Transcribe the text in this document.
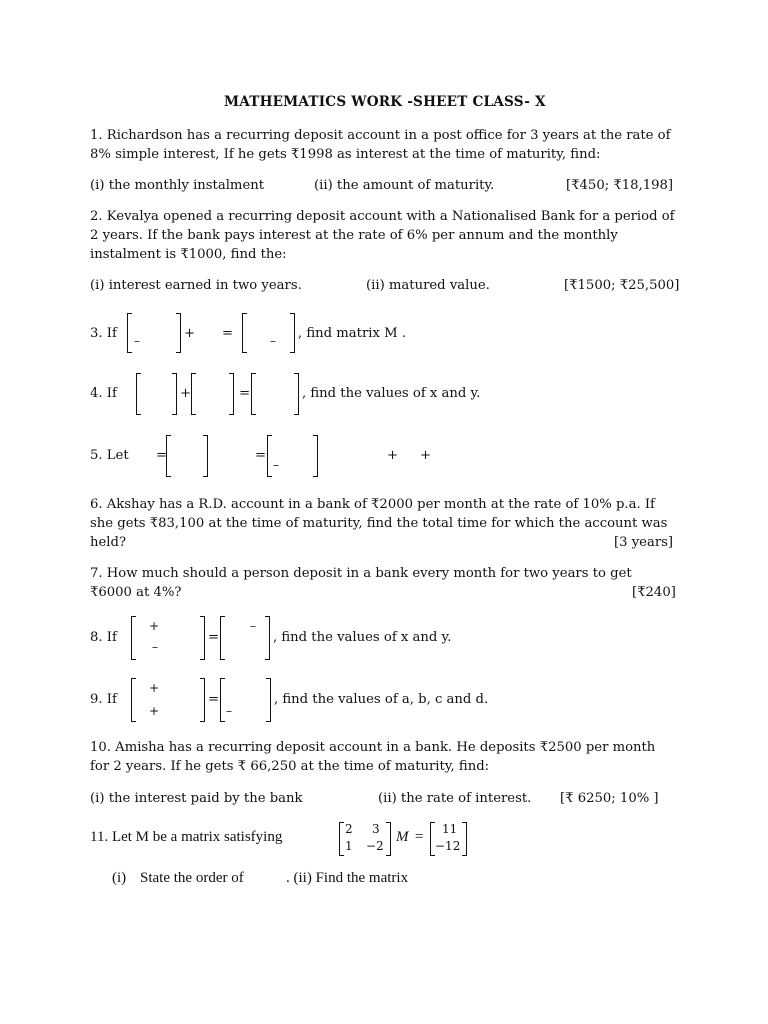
MATHEMATICS WORK -SHEET CLASS- X
1. Richardson has a recurring deposit account in a post office for 3 years at the rate of
8% simple interest, If he gets ₹1998 as interest at the time of maturity, find:
(i) the monthly instalment	(ii) the amount of maturity.	[₹450; ₹18,198]
2. Kevalya opened a recurring deposit account with a Nationalised Bank for a period of
2 years. If the bank pays interest at the rate of 6% per annum and the monthly
instalment is ₹1000, find the:
(i) interest earned in two years.	(ii) matured value.	[₹1500; ₹25,500]
3. If –	+ =	– , find matrix M .
4. If	+	=	, find the values of x and y.
5. Let =	=
–
+ +
6. Akshay has a R.D. account in a bank of ₹2000 per month at the rate of 10% p.a. If
she gets ₹83,100 at the time of maturity, find the total time for which the account was
held?	[3 years]
7. How much should a person deposit in a bank every month for two years to get
₹6000 at 4%?	[₹240]
8. If
+
–
=
–
, find the values of x and y.
9. If
+
+
=
–
, find the values of a, b, c and d.
10. Amisha has a recurring deposit account in a bank. He deposits ₹2500 per month
for 2 years. If he gets ₹ 66,250 at the time of maturity, find:
(i) the interest paid by the bank	(ii) the rate of interest. [₹ 6250; 10% ]
11. Let M be a matrix satisfying	2 3
1 −2
M = 11
−12
(i) State the order of	. (ii) Find the matrix
